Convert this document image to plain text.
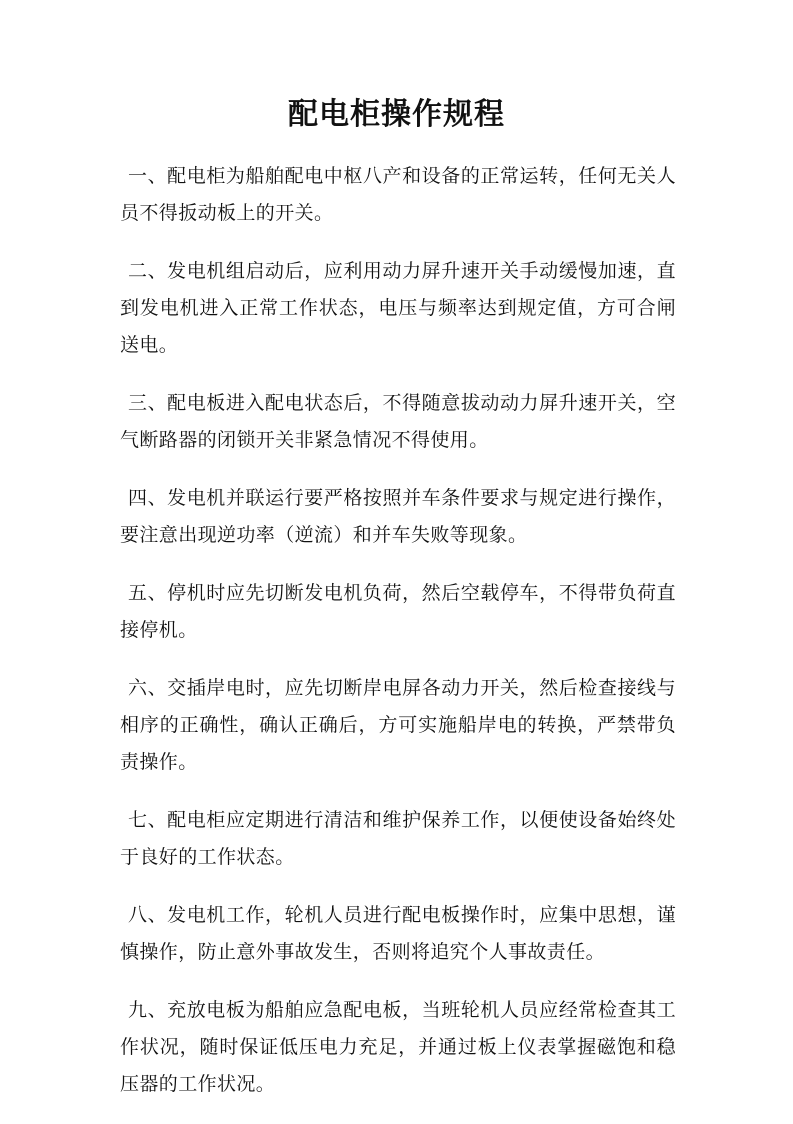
配电柜操作规程

一、配电柜为船舶配电中枢八产和设备的正常运转，任何无关人员不得扳动板上的开关。

二、发电机组启动后，应利用动力屏升速开关手动缓慢加速，直到发电机进入正常工作状态，电压与频率达到规定值，方可合闸送电。

三、配电板进入配电状态后，不得随意拔动动力屏升速开关，空气断路器的闭锁开关非紧急情况不得使用。

四、发电机并联运行要严格按照并车条件要求与规定进行操作，要注意出现逆功率（逆流）和并车失败等现象。

五、停机时应先切断发电机负荷，然后空载停车，不得带负荷直接停机。

六、交插岸电时，应先切断岸电屏各动力开关，然后检查接线与相序的正确性，确认正确后，方可实施船岸电的转换，严禁带负责操作。

七、配电柜应定期进行清洁和维护保养工作，以便使设备始终处于良好的工作状态。

八、发电机工作，轮机人员进行配电板操作时，应集中思想，谨慎操作，防止意外事故发生，否则将追究个人事故责任。

九、充放电板为船舶应急配电板，当班轮机人员应经常检查其工作状况，随时保证低压电力充足，并通过板上仪表掌握磁饱和稳压器的工作状况。
